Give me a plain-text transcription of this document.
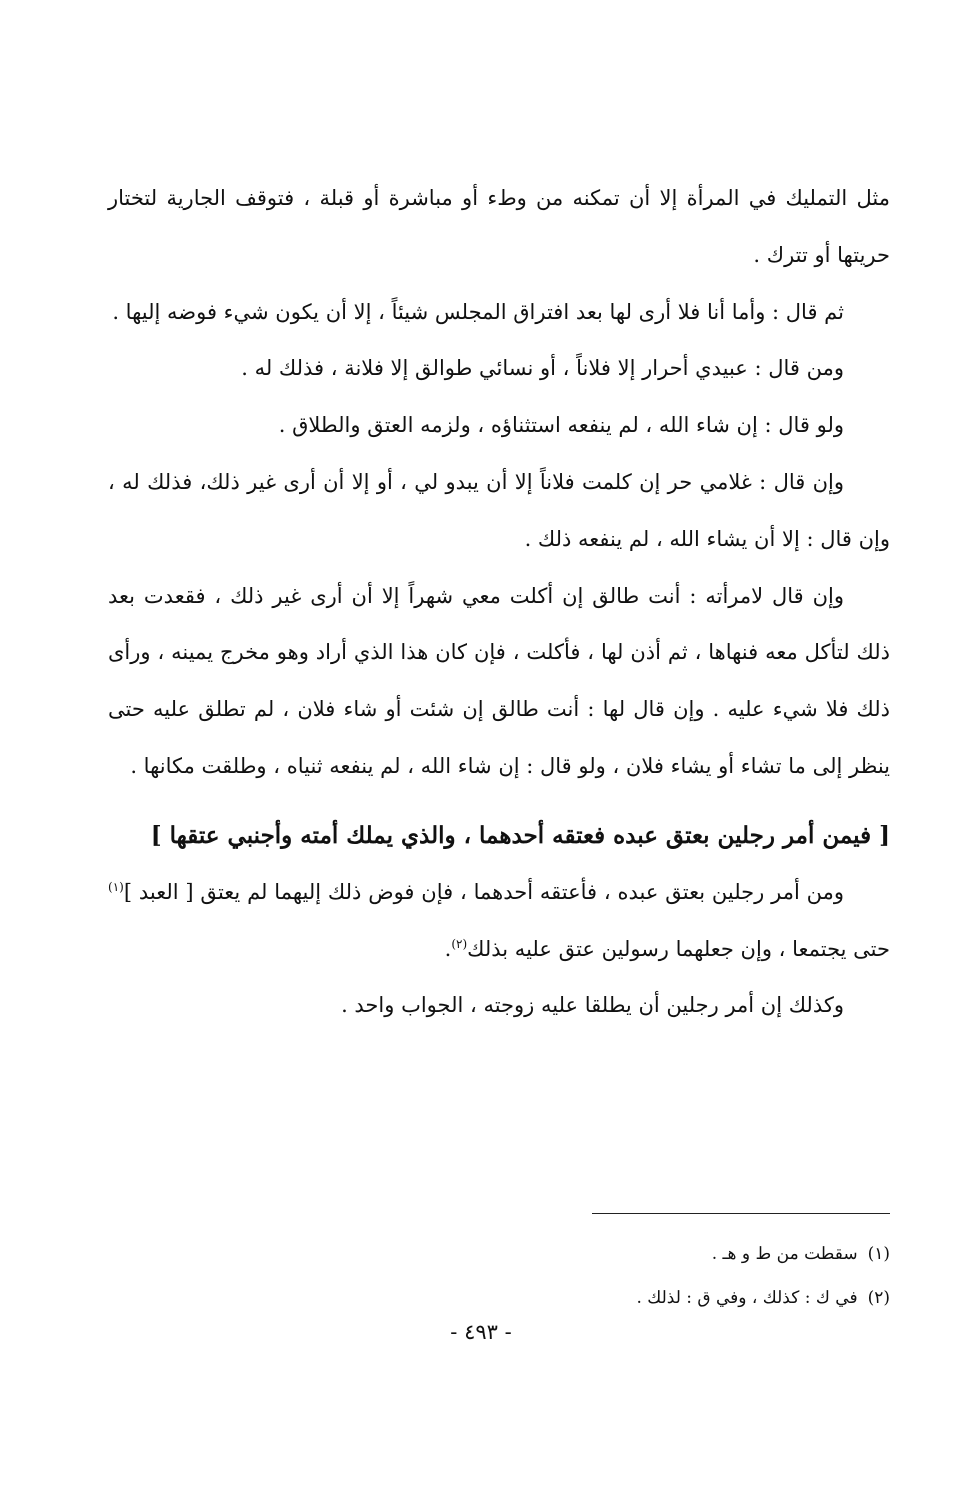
مثل التمليك في المرأة إلا أن تمكنه من وطء أو مباشرة أو قبلة ، فتوقف الجارية لتختار حريتها أو تترك .

ثم قال : وأما أنا فلا أرى لها بعد افتراق المجلس شيئاً ، إلا أن يكون شيء فوضه إليها .

ومن قال : عبيدي أحرار إلا فلاناً ، أو نسائي طوالق إلا فلانة ، فذلك له .

ولو قال : إن شاء الله ، لم ينفعه استثناؤه ، ولزمه العتق والطلاق .

وإن قال : غلامي حر إن كلمت فلاناً إلا أن يبدو لي ، أو إلا أن أرى غير ذلك، فذلك له ، وإن قال : إلا أن يشاء الله ، لم ينفعه ذلك .

وإن قال لامرأته : أنت طالق إن أكلت معي شهراً إلا أن أرى غير ذلك ، فقعدت بعد ذلك لتأكل معه فنهاها ، ثم أذن لها ، فأكلت ، فإن كان هذا الذي أراد وهو مخرج يمينه ، ورأى ذلك فلا شيء عليه . وإن قال لها : أنت طالق إن شئت أو شاء فلان ، لم تطلق عليه حتى ينظر إلى ما تشاء أو يشاء فلان ، ولو قال : إن شاء الله ، لم ينفعه ثنياه ، وطلقت مكانها .

[ فيمن أمر رجلين بعتق عبده فعتقه أحدهما ، والذي يملك أمته وأجنبي عتقها ]

ومن أمر رجلين بعتق عبده ، فأعتقه أحدهما ، فإن فوض ذلك إليهما لم يعتق [ العبد ]$^{(١)}$ حتى يجتمعا ، وإن جعلهما رسولين عتق عليه بذلك$^{(٢)}$.

وكذلك إن أمر رجلين أن يطلقا عليه زوجته ، الجواب واحد .

(١)سقطت من ط و هـ .

(٢)في ك : كذلك ، وفي ق : لذلك .

- ٤٩٣ -
